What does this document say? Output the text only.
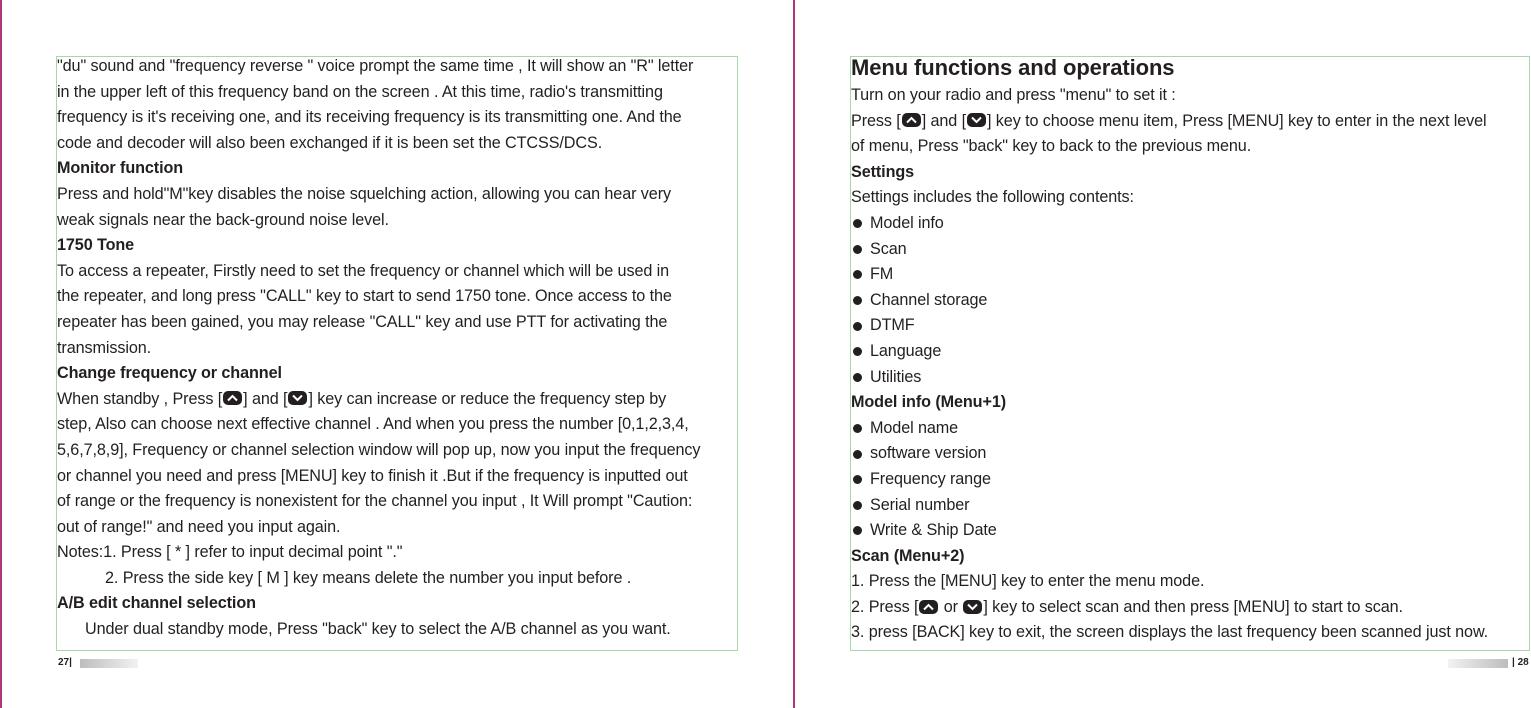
"du" sound and "frequency reverse " voice prompt the same time , It will show an "R" letter
in the upper left of this frequency band on the screen . At this time, radio's transmitting
frequency is it's receiving one, and its receiving frequency is its transmitting one. And the
code and decoder will also been exchanged if it is been set the CTCSS/DCS.
Monitor function
Press and hold"M"key disables the noise squelching action, allowing you can hear very
weak signals near the back-ground noise level.
1750 Tone
To access a repeater, Firstly need to set the frequency or channel which will be used in
the repeater, and long press "CALL" key to start to send 1750 tone. Once access to the
repeater has been gained, you may release "CALL" key and use PTT for activating the
transmission.
Change frequency or channel
When standby , Press [ ] and [ ] key can increase or reduce the frequency step by
step, Also can choose next effective channel . And when you press the number [0,1,2,3,4,
5,6,7,8,9], Frequency or channel selection window will pop up, now you input the frequency
or channel you need and press [MENU] key to finish it .But if the frequency is inputted out
of range or the frequency is nonexistent for the channel you input , It Will prompt "Caution:
out of range!" and need you input again.
Notes:1. Press [ * ] refer to input decimal point "."
2. Press the side key [ M ] key means delete the number you input before .
A/B edit channel selection
Under dual standby mode, Press "back" key to select the A/B channel as you want.
27|
Menu functions and operations
Turn on your radio and press "menu" to set it :
Press [ ] and [ ] key to choose menu item, Press [MENU] key to enter in the next level
of menu, Press "back" key to back to the previous menu.
Settings
Settings includes the following contents:
Model info
Scan
FM
Channel storage
DTMF
Language
Utilities
Model info (Menu+1)
Model name
software version
Frequency range
Serial number
Write & Ship Date
Scan (Menu+2)
1. Press the [MENU] key to enter the menu mode.
2. Press [
or
] key to select scan and then press [MENU] to start to scan.
3. press [BACK] key to exit, the screen displays the last frequency been scanned just now.
| 28
